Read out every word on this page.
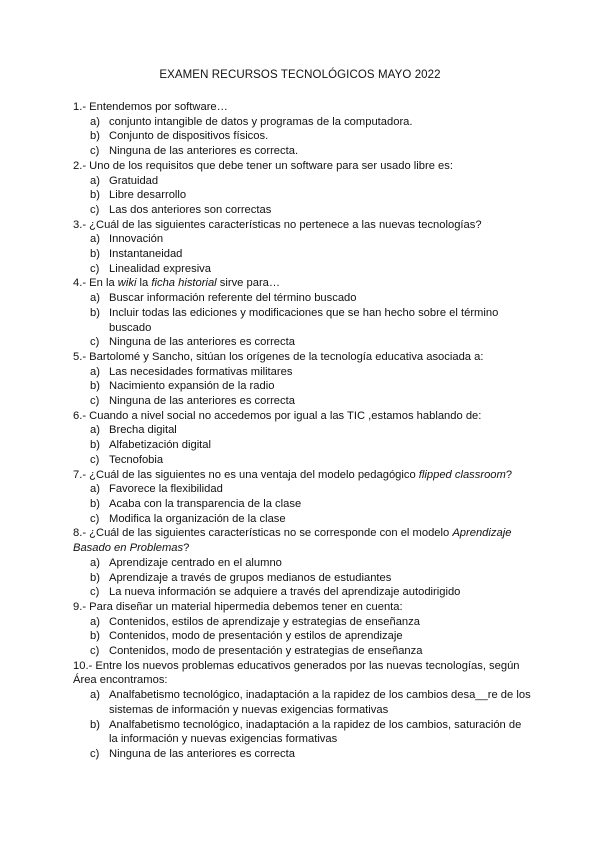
EXAMEN RECURSOS TECNOLÓGICOS MAYO 2022
1.- Entendemos por software…
a) conjunto intangible de datos y programas de la computadora.
b) Conjunto de dispositivos físicos.
c) Ninguna de las anteriores es correcta.
2.- Uno de los requisitos que debe tener un software para ser usado libre es:
a) Gratuidad
b) Libre desarrollo
c) Las dos anteriores son correctas
3.- ¿Cuál de las siguientes características no pertenece a las nuevas tecnologías?
a) Innovación
b) Instantaneidad
c) Linealidad expresiva
4.- En la wiki la ficha historial sirve para…
a) Buscar información referente del término buscado
b) Incluir todas las ediciones y modificaciones que se han hecho sobre el término buscado
c) Ninguna de las anteriores es correcta
5.- Bartolomé y Sancho, sitúan los orígenes de la tecnología educativa asociada a:
a) Las necesidades formativas militares
b) Nacimiento expansión de la radio
c) Ninguna de las anteriores es correcta
6.- Cuando a nivel social no accedemos por igual a las TIC ,estamos hablando de:
a) Brecha digital
b) Alfabetización digital
c) Tecnofobia
7.- ¿Cuál de las siguientes no es una ventaja del modelo pedagógico flipped classroom?
a) Favorece la flexibilidad
b) Acaba con la transparencia de la clase
c) Modifica la organización de la clase
8.- ¿Cuál de las siguientes características no se corresponde con el modelo Aprendizaje Basado en Problemas?
a) Aprendizaje centrado en el alumno
b) Aprendizaje a través de grupos medianos de estudiantes
c) La nueva información se adquiere a través del aprendizaje autodirigido
9.- Para diseñar un material hipermedia debemos tener en cuenta:
a) Contenidos, estilos de aprendizaje y estrategias de enseñanza
b) Contenidos, modo de presentación y estilos de aprendizaje
c) Contenidos, modo de presentación y estrategias de enseñanza
10.- Entre los nuevos problemas educativos generados por las nuevas tecnologías, según Área encontramos:
a) Analfabetismo tecnológico, inadaptación a la rapidez de los cambios desa__re de los sistemas de información y nuevas exigencias formativas
b) Analfabetismo tecnológico, inadaptación a la rapidez de los cambios, saturación de la información y nuevas exigencias formativas
c) Ninguna de las anteriores es correcta
